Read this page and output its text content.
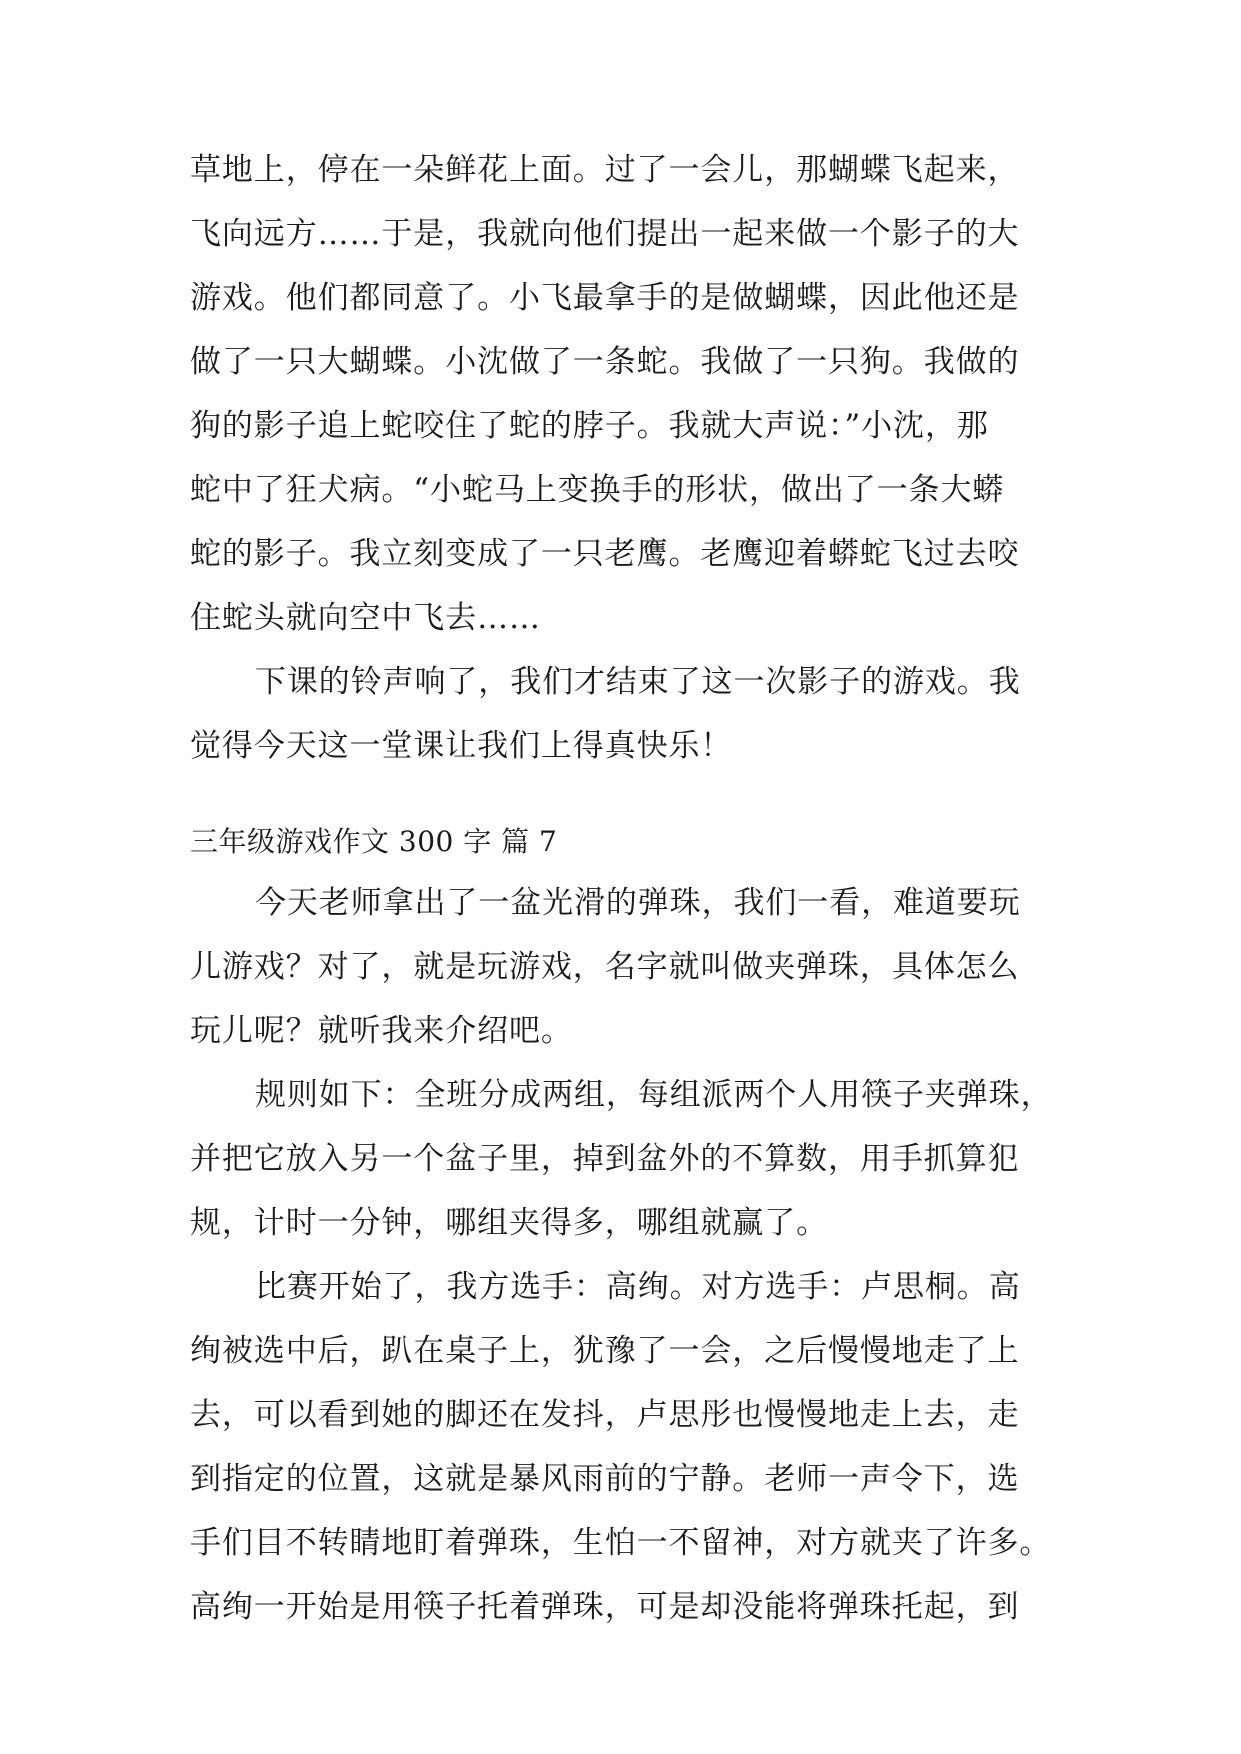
草地上，停在一朵鲜花上面。过了一会儿，那蝴蝶飞起来，
飞向远方……于是，我就向他们提出一起来做一个影子的大
游戏。他们都同意了。小飞最拿手的是做蝴蝶，因此他还是
做了一只大蝴蝶。小沈做了一条蛇。我做了一只狗。我做的
狗的影子追上蛇咬住了蛇的脖子。我就大声说：”小沈，那
蛇中了狂犬病。“小蛇马上变换手的形状，做出了一条大蟒
蛇的影子。我立刻变成了一只老鹰。老鹰迎着蟒蛇飞过去咬
住蛇头就向空中飞去……
下课的铃声响了，我们才结束了这一次影子的游戏。我
觉得今天这一堂课让我们上得真快乐！
三年级游戏作文 300 字 篇 7
今天老师拿出了一盆光滑的弹珠，我们一看，难道要玩
儿游戏？对了，就是玩游戏，名字就叫做夹弹珠，具体怎么
玩儿呢？就听我来介绍吧。
规则如下：全班分成两组，每组派两个人用筷子夹弹珠，
并把它放入另一个盆子里，掉到盆外的不算数，用手抓算犯
规，计时一分钟，哪组夹得多，哪组就赢了。
比赛开始了，我方选手：高绚。对方选手：卢思桐。高
绚被选中后，趴在桌子上，犹豫了一会，之后慢慢地走了上
去，可以看到她的脚还在发抖，卢思彤也慢慢地走上去，走
到指定的位置，这就是暴风雨前的宁静。老师一声令下，选
手们目不转睛地盯着弹珠，生怕一不留神，对方就夹了许多。
高绚一开始是用筷子托着弹珠，可是却没能将弹珠托起，到
